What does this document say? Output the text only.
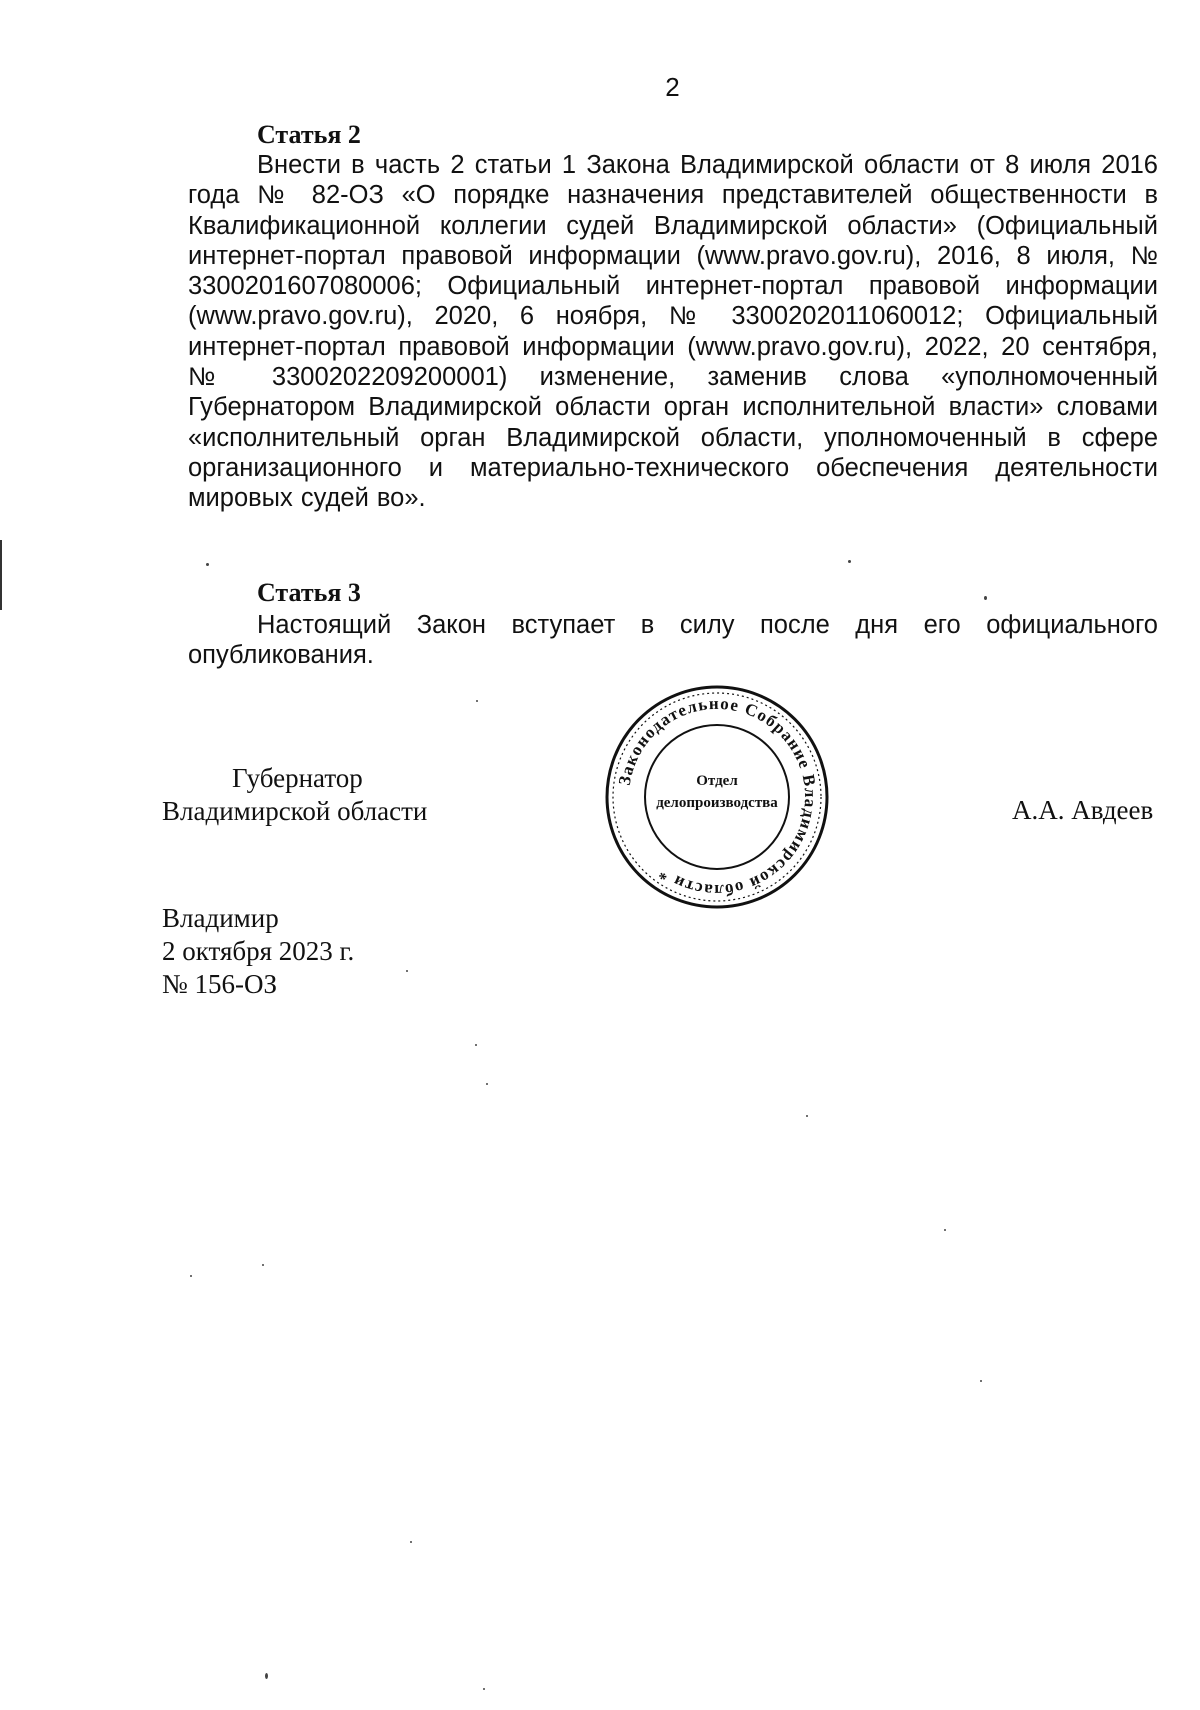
2
Статья 2
Внести в часть 2 статьи 1 Закона Владимирской области от 8 июля 2016 года № 82-ОЗ «О порядке назначения представителей общественности в Квалификационной коллегии судей Владимирской области» (Официальный интернет-портал правовой информации (www.pravo.gov.ru), 2016, 8 июля, № 3300201607080006; Официальный интернет-портал правовой информации (www.pravo.gov.ru), 2020, 6 ноября, № 3300202011060012; Официальный интернет-портал правовой информации (www.pravo.gov.ru), 2022, 20 сентября, № 3300202209200001) изменение, заменив слова «уполномоченный Губернатором Владимирской области орган исполнительной власти» словами «исполнительный орган Владимирской области, уполномоченный в сфере организационного и материально-технического обеспечения деятельности мировых судей во».
Статья 3
Настоящий Закон вступает в силу после дня его официального опубликования.
Губернатор
Владимирской области
Законодательное Собрание Владимирской области *
Отдел
делопроизводства	А.А. Авдеев
Владимир
2 октября 2023 г.
№ 156-ОЗ
